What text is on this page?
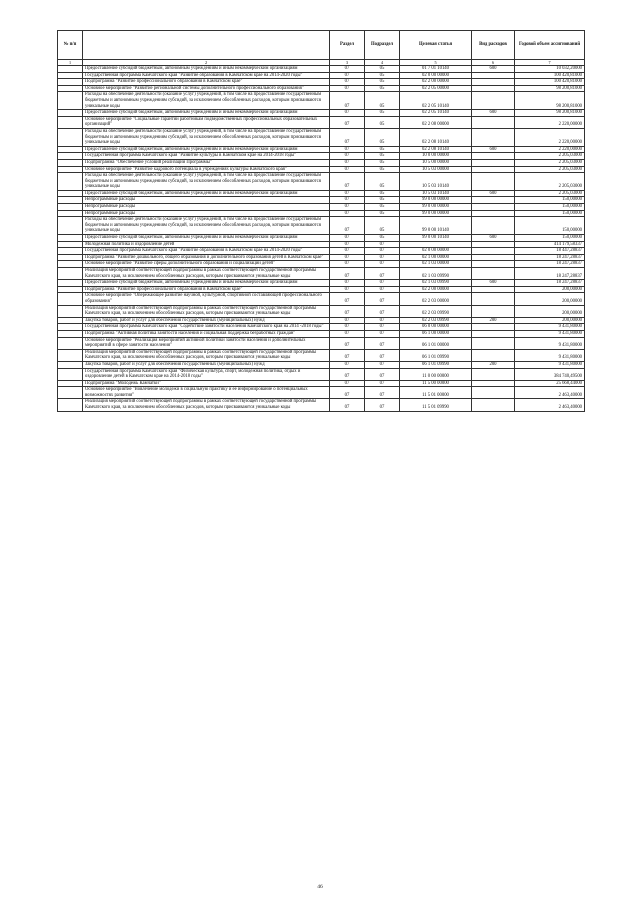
№ п/п		Раздел	Подраздел	Целевая статья	Вид расходов	Годовой объем ассигнований
1	2	3	4	5	6	7
	Предоставление субсидий бюджетным, автономным учреждениям и иным некоммерческим организациям	07	05	01 7 01 10140	600	10 032,20000
	Государственная программа Камчатского края "Развитие образования в Камчатском крае на 2014-2020 годы"	07	05	02 0 00 00000		100 420,81000
	Подпрограмма "Развитие профессионального образования в Камчатском крае"	07	05	02 2 00 00000		100 420,81000
	Основное мероприятие "Развитие региональной системы дополнительного профессионального образования"	07	05	02 2 05 00000		98 200,81000
	Расходы на обеспечение деятельности (оказание услуг) учреждений, в том числе на предоставление государственным бюджетным и автономным учреждениям субсидий, за исключением обособленных расходов, которым присваиваются уникальные коды	07	05	02 2 05 10140		98 200,81000
	Предоставление субсидий бюджетным, автономным учреждениям и иным некоммерческим организациям	07	05	02 2 05 10140	600	98 200,81000
	Основное мероприятие "Социальные гарантии работникам подведомственных профессиональных образовательных организаций"	07	05	02 2 08 00000		2 220,00000
	Расходы на обеспечение деятельности (оказание услуг) учреждений, в том числе на предоставление государственным бюджетным и автономным учреждениям субсидий, за исключением обособленных расходов, которым присваиваются уникальные коды	07	05	02 2 08 10140		2 220,00000
	Предоставление субсидий бюджетным, автономным учреждениям и иным некоммерческим организациям	07	05	02 2 08 10140	600	2 220,00000
	Государственная программа Камчатского края "Развитие культуры в Камчатском крае на 2014-2018 годы"	07	05	10 0 00 00000		2 205,03000
	Подпрограмма "Обеспечение условий реализации Программы"	07	05	10 5 00 00000		2 205,03000
	Основное мероприятие "Развитие кадрового потенциала в учреждениях культуры Камчатского края"	07	05	10 5 03 00000		2 205,03000
	Расходы на обеспечение деятельности (оказание услуг) учреждений, в том числе на предоставление государственным бюджетным и автономным учреждениям субсидий, за исключением обособленных расходов, которым присваиваются уникальные коды	07	05	10 5 03 10140		2 205,03000
	Предоставление субсидий бюджетным, автономным учреждениям и иным некоммерческим организациям	07	05	10 5 03 10140	600	2 205,03000
	Непрограммные расходы	07	05	99 0 00 00000		150,00000
	Непрограммные расходы	07	05	99 0 00 00000		150,00000
	Непрограммные расходы	07	05	99 0 00 00000		150,00000
	Расходы на обеспечение деятельности (оказание услуг) учреждений, в том числе на предоставление государственным бюджетным и автономным учреждениям субсидий, за исключением обособленных расходов, которым присваиваются уникальные коды	07	05	99 0 00 10140		150,00000
	Предоставление субсидий бюджетным, автономным учреждениям и иным некоммерческим организациям	07	05	99 0 00 10140	600	150,00000
	Молодежная политика и оздоровление детей	07	07			414 179,58337
	Государственная программа Камчатского края "Развитие образования в Камчатском крае на 2014-2020 годы"	07	07	02 0 00 00000		18 447,28837
	Подпрограмма "Развитие дошкольного, общего образования и дополнительного образования детей в Камчатском крае"	07	07	02 1 00 00000		18 247,28837
	Основное мероприятие "Развитие сферы дополнительного образования и социализации детей"	07	07	02 1 03 00000		18 247,28837
	Реализация мероприятий соответствующей подпрограммы в рамках соответствующей государственной программы Камчатского края, за исключением обособленных расходов, которым присваиваются уникальные коды	07	07	02 1 03 09990		18 247,28837
	Предоставление субсидий бюджетным, автономным учреждениям и иным некоммерческим организациям	07	07	02 1 03 09990	600	18 247,28837
	Подпрограмма "Развитие профессионального образования в Камчатском крае"	07	07	02 2 00 00000		200,00000
	Основное мероприятие "Опережающее развитие научной, культурной, спортивной составляющей профессионального образования"	07	07	02 2 03 00000		200,00000
	Реализация мероприятий соответствующей подпрограммы в рамках соответствующей государственной программы Камчатского края, за исключением обособленных расходов, которым присваиваются уникальные коды	07	07	02 2 03 09990		200,00000
	Закупка товаров, работ и услуг для обеспечения государственных (муниципальных) нужд	07	07	02 2 03 09990	200	200,00000
	Государственная программа Камчатского края "Содействие занятости населения Камчатского края на 2014 -2018 годы"	07	07	06 0 00 00000		9 431,80000
	Подпрограмма "Активная политика занятости населения и социальная поддержка безработных граждан"	07	07	06 1 00 00000		9 431,80000
	Основное мероприятие "Реализация мероприятий активной политики занятости населения и дополнительных мероприятий в сфере занятости населения"	07	07	06 1 01 00000		9 431,80000
	Реализация мероприятий соответствующей подпрограммы в рамках соответствующей государственной программы Камчатского края, за исключением обособленных расходов, которым присваиваются уникальные коды	07	07	06 1 01 09990		9 431,80000
	Закупка товаров, работ и услуг для обеспечения государственных (муниципальных) нужд	07	07	06 1 01 09990	200	9 431,80000
	Государственная программа Камчатского края "Физическая культура, спорт, молодежная политика, отдых и оздоровление детей в Камчатском крае на 2014-2018 годы"	07	07	11 0 00 00000		384 740,49500
	Подпрограмма "Молодежь Камчатки"	07	07	11 5 00 00000		25 668,44000
	Основное мероприятие "Вовлечение молодёжи в социальную практику и её информирование о потенциальных возможностях развития"	07	07	11 5 01 00000		2 463,40000
	Реализация мероприятий соответствующей подпрограммы в рамках соответствующей государственной программы Камчатского края, за исключением обособленных расходов, которым присваиваются уникальные коды	07	07	11 5 01 09990		2 463,40000
46
